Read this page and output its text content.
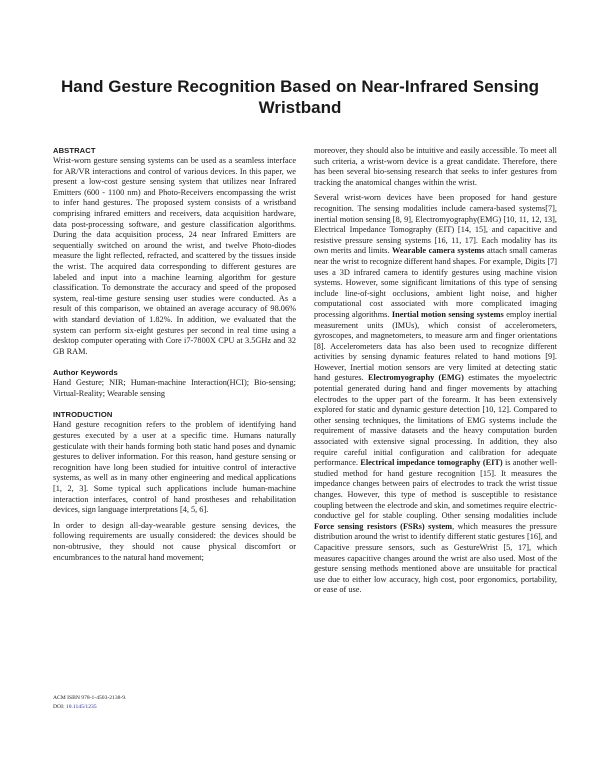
Hand Gesture Recognition Based on Near-Infrared Sensing Wristband
ABSTRACT

Wrist-worn gesture sensing systems can be used as a seamless interface for AR/VR interactions and control of various devices. In this paper, we present a low-cost gesture sensing system that utilizes near Infrared Emitters (600 - 1100 nm) and Photo-Receivers encompassing the wrist to infer hand gestures. The proposed system consists of a wristband comprising infrared emitters and receivers, data acquisition hardware, data post-processing software, and gesture classification algorithms. During the data acquisition process, 24 near Infrared Emitters are sequentially switched on around the wrist, and twelve Photo-diodes measure the light reflected, refracted, and scattered by the tissues inside the wrist. The acquired data corresponding to different gestures are labeled and input into a machine learning algorithm for gesture classification. To demonstrate the accuracy and speed of the proposed system, real-time gesture sensing user studies were conducted. As a result of this comparison, we obtained an average accuracy of 98.06% with standard deviation of 1.82%. In addition, we evaluated that the system can perform six-eight gestures per second in real time using a desktop computer operating with Core i7-7800X CPU at 3.5GHz and 32 GB RAM.

Author Keywords

Hand Gesture; NIR; Human-machine Interaction(HCI); Bio-sensing; Virtual-Reality; Wearable sensing

INTRODUCTION

Hand gesture recognition refers to the problem of identifying hand gestures executed by a user at a specific time. Humans naturally gesticulate with their hands forming both static hand poses and dynamic gestures to deliver information. For this reason, hand gesture sensing or recognition have long been studied for intuitive control of interactive systems, as well as in many other engineering and medical applications [1, 2, 3]. Some typical such applications include human-machine interaction interfaces, control of hand prostheses and rehabilitation devices, sign language interpretations [4, 5, 6].

In order to design all-day-wearable gesture sensing devices, the following requirements are usually considered: the devices should be non-obtrusive, they should not cause physical discomfort or encumbrances to the natural hand movement;

moreover, they should also be intuitive and easily accessible. To meet all such criteria, a wrist-worn device is a great candidate. Therefore, there has been several bio-sensing research that seeks to infer gestures from tracking the anatomical changes within the wrist.

Several wrist-worn devices have been proposed for hand gesture recognition. The sensing modalities include camera-based systems[7], inertial motion sensing [8, 9], Electromyography(EMG) [10, 11, 12, 13], Electrical Impedance Tomography (EIT) [14, 15], and capacitive and resistive pressure sensing systems [16, 11, 17]. Each modality has its own merits and limits. Wearable camera systems attach small cameras near the wrist to recognize different hand shapes. For example, Digits [7] uses a 3D infrared camera to identify gestures using machine vision systems. However, some significant limitations of this type of sensing include line-of-sight occlusions, ambient light noise, and higher computational cost associated with more complicated imaging processing algorithms. Inertial motion sensing systems employ inertial measurement units (IMUs), which consist of accelerometers, gyroscopes, and magnetometers, to measure arm and finger orientations [8]. Accelerometers data has also been used to recognize different activities by sensing dynamic features related to hand motions [9]. However, Inertial motion sensors are very limited at detecting static hand gestures. Electromyography (EMG) estimates the myoelectric potential generated during hand and finger movements by attaching electrodes to the upper part of the forearm. It has been extensively explored for static and dynamic gesture detection [10, 12]. Compared to other sensing techniques, the limitations of EMG systems include the requirement of massive datasets and the heavy computation burden associated with extensive signal processing. In addition, they also require careful initial configuration and calibration for adequate performance. Electrical impedance tomography (EIT) is another well-studied method for hand gesture recognition [15]. It measures the impedance changes between pairs of electrodes to track the wrist tissue changes. However, this type of method is susceptible to resistance coupling between the electrode and skin, and sometimes require electric-conductive gel for stable coupling. Other sensing modalities include Force sensing resistors (FSRs) system, which measures the pressure distribution around the wrist to identify different static gestures [16], and Capacitive pressure sensors, such as GestureWrist [5, 17], which measures capacitive changes around the wrist are also used. Most of the gesture sensing methods mentioned above are unsuitable for practical use due to either low accuracy, high cost, poor ergonomics, portability, or ease of use.

ACM ISBN 978-1-4503-2138-9.
DOI: 10.1145/1235
